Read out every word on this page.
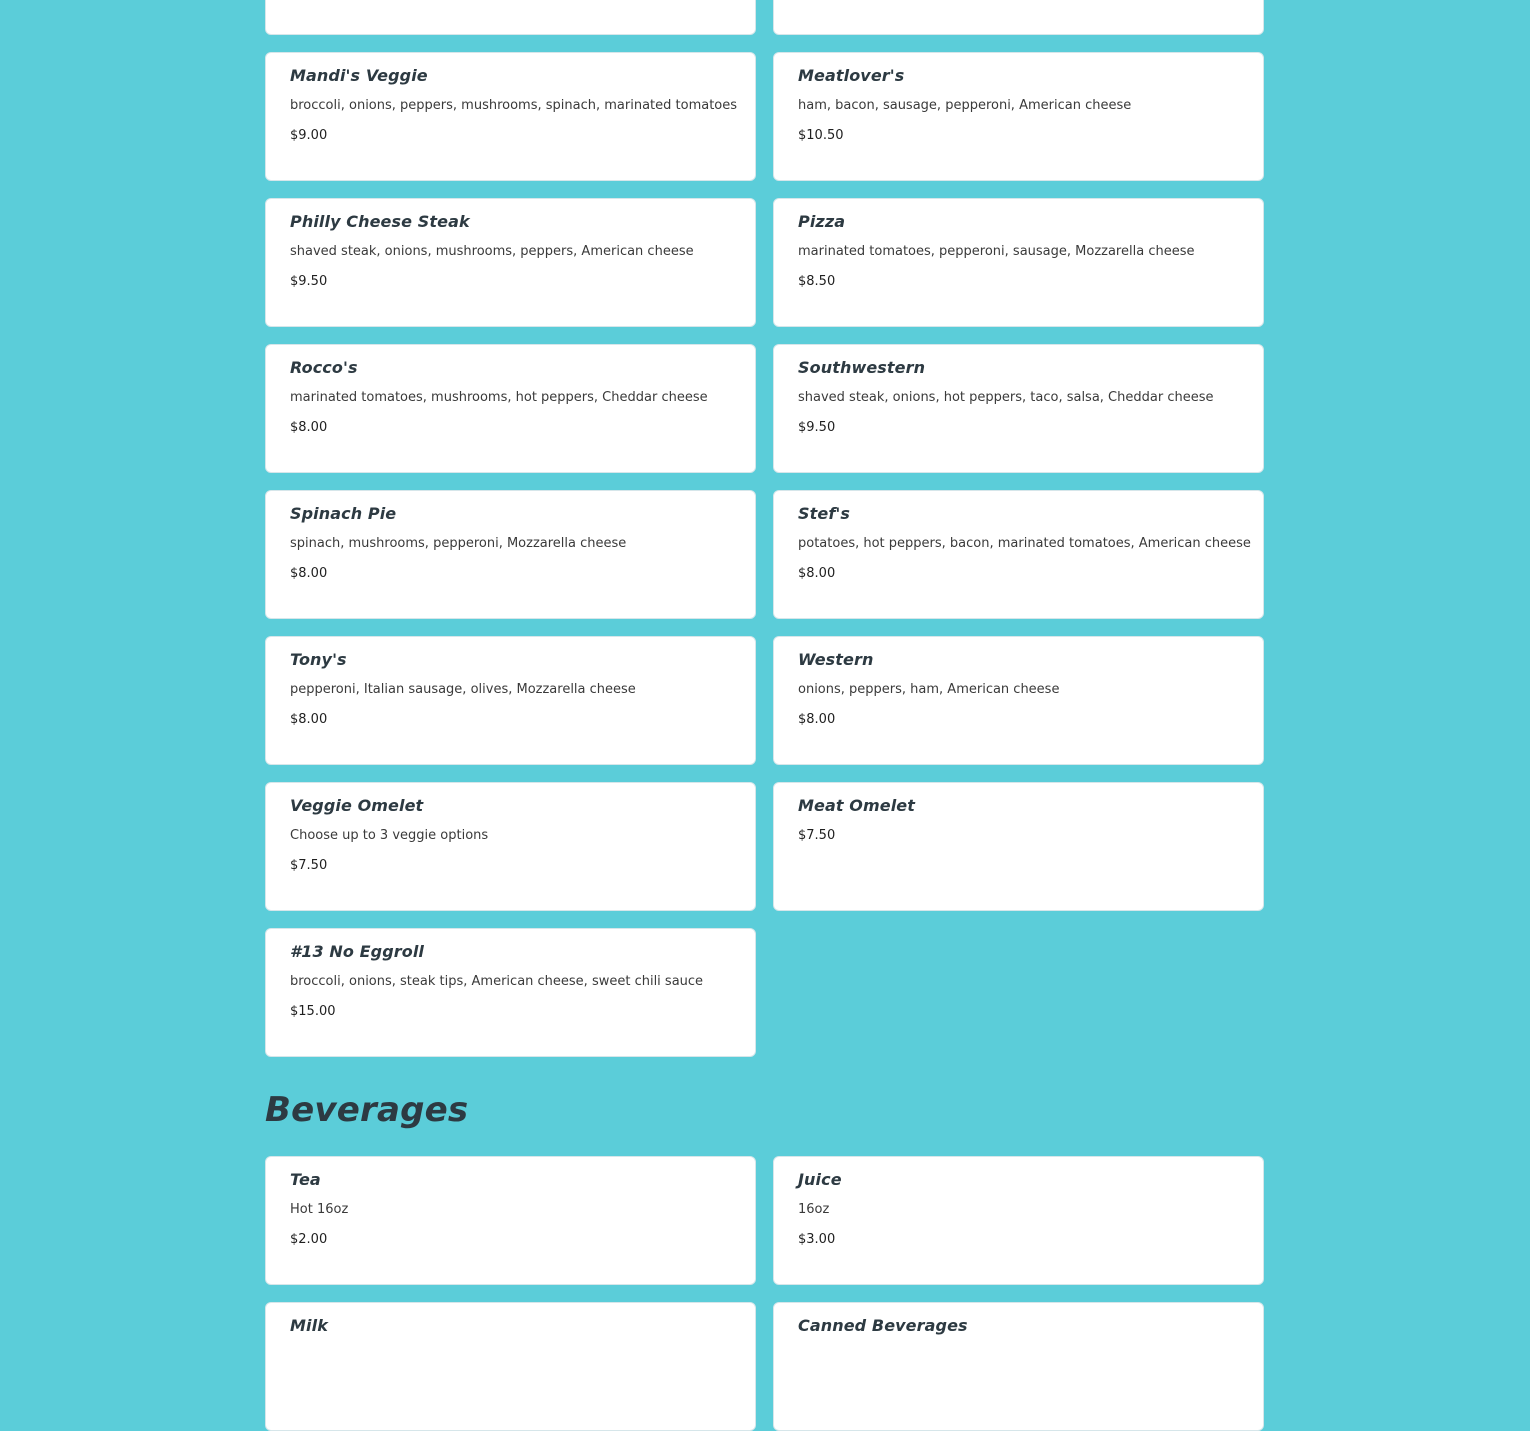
Mandi's Veggie
broccoli, onions, peppers, mushrooms, spinach, marinated tomatoes
$9.00
Meatlover's
ham, bacon, sausage, pepperoni, American cheese
$10.50
Philly Cheese Steak
shaved steak, onions, mushrooms, peppers, American cheese
$9.50
Pizza
marinated tomatoes, pepperoni, sausage, Mozzarella cheese
$8.50
Rocco's
marinated tomatoes, mushrooms, hot peppers, Cheddar cheese
$8.00
Southwestern
shaved steak, onions, hot peppers, taco, salsa, Cheddar cheese
$9.50
Spinach Pie
spinach, mushrooms, pepperoni, Mozzarella cheese
$8.00
Stef's
potatoes, hot peppers, bacon, marinated tomatoes, American cheese
$8.00
Tony's
pepperoni, Italian sausage, olives, Mozzarella cheese
$8.00
Western
onions, peppers, ham, American cheese
$8.00
Veggie Omelet
Choose up to 3 veggie options
$7.50
Meat Omelet
$7.50
#13 No Eggroll
broccoli, onions, steak tips, American cheese, sweet chili sauce
$15.00
Beverages
Tea
Hot 16oz
$2.00
Juice
16oz
$3.00
Milk	Canned Beverages
